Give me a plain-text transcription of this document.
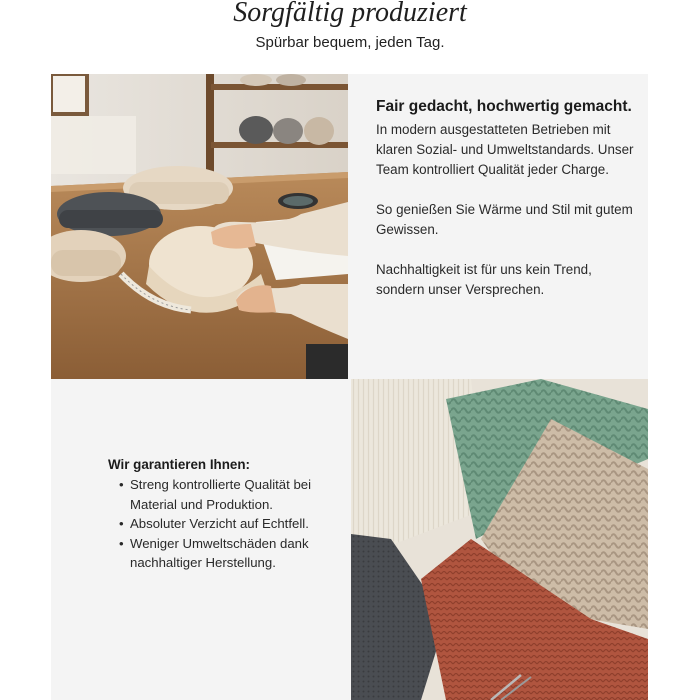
Sorgfältig produziert
Spürbar bequem, jeden Tag.
Fair gedacht, hochwertig gemacht.

In modern ausgestatteten Betrieben mit klaren Sozial- und Umweltstandards. Unser Team kontrolliert Qualität jeder Charge.

So genießen Sie Wärme und Stil mit gutem Gewissen.

Nachhaltigkeit ist für uns kein Trend, sondern unser Versprechen.

Wir garantieren Ihnen:
• Streng kontrollierte Qualität bei Material und Produktion.
• Absoluter Verzicht auf Echtfell.
• Weniger Umweltschäden dank nachhaltiger Herstellung.
